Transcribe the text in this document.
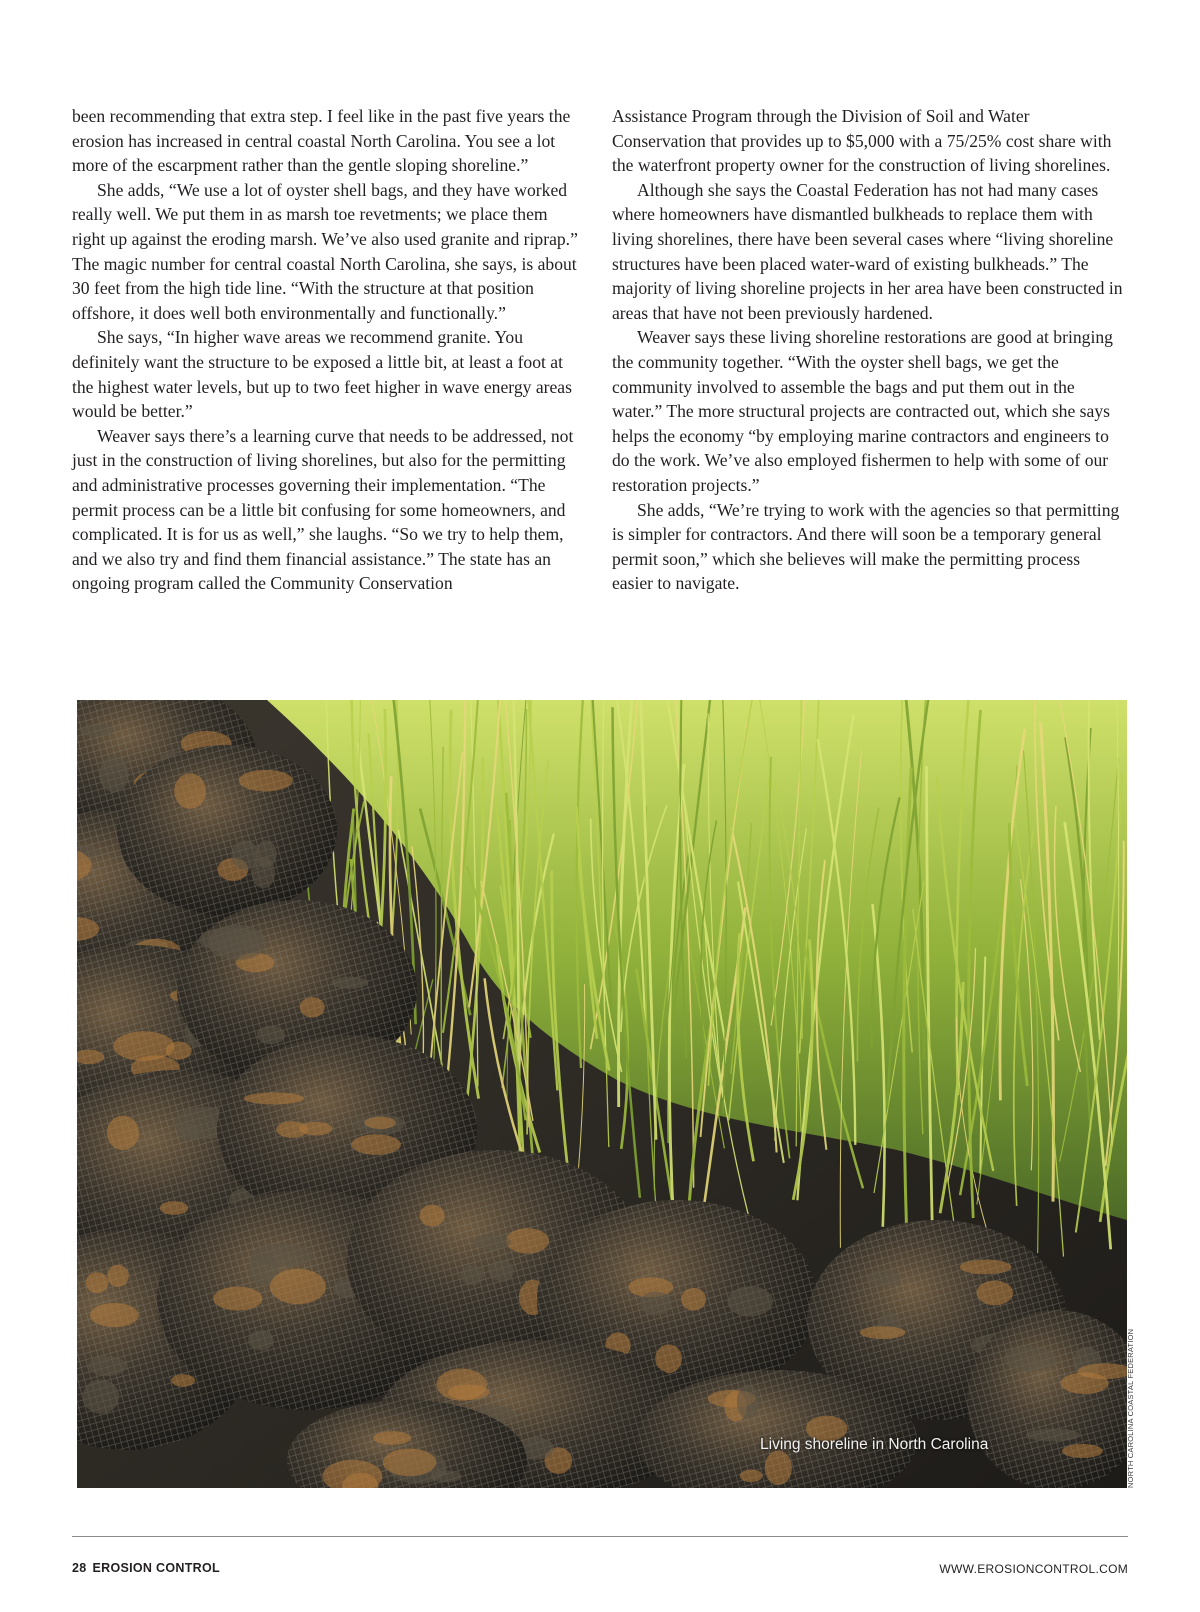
been recommending that extra step. I feel like in the past five years the erosion has increased in central coastal North Carolina. You see a lot more of the escarpment rather than the gentle sloping shoreline.”

She adds, “We use a lot of oyster shell bags, and they have worked really well. We put them in as marsh toe revetments; we place them right up against the eroding marsh. We’ve also used granite and riprap.” The magic number for central coastal North Carolina, she says, is about 30 feet from the high tide line. “With the structure at that position offshore, it does well both environmentally and functionally.”

She says, “In higher wave areas we recommend granite. You definitely want the structure to be exposed a little bit, at least a foot at the highest water levels, but up to two feet higher in wave energy areas would be better.”

Weaver says there’s a learning curve that needs to be addressed, not just in the construction of living shorelines, but also for the permitting and administrative processes governing their implementation. “The permit process can be a little bit confusing for some homeowners, and complicated. It is for us as well,” she laughs. “So we try to help them, and we also try and find them financial assistance.” The state has an ongoing program called the Community Conservation

Assistance Program through the Division of Soil and Water Conservation that provides up to $5,000 with a 75/25% cost share with the waterfront property owner for the construction of living shorelines.

Although she says the Coastal Federation has not had many cases where homeowners have dismantled bulkheads to replace them with living shorelines, there have been several cases where “living shoreline structures have been placed water-ward of existing bulkheads.” The majority of living shoreline projects in her area have been constructed in areas that have not been previously hardened.

Weaver says these living shoreline restorations are good at bringing the community together. “With the oyster shell bags, we get the community involved to assemble the bags and put them out in the water.” The more structural projects are contracted out, which she says helps the economy “by employing marine contractors and engineers to do the work. We’ve also employed fishermen to help with some of our restoration projects.”

She adds, “We’re trying to work with the agencies so that permitting is simpler for contractors. And there will soon be a temporary general permit soon,” which she believes will make the permitting process easier to navigate.

Living shoreline in North Carolina	NORTH CAROLINA COASTAL FEDERATION
28 EROSION CONTROL	WWW.EROSIONCONTROL.COM
